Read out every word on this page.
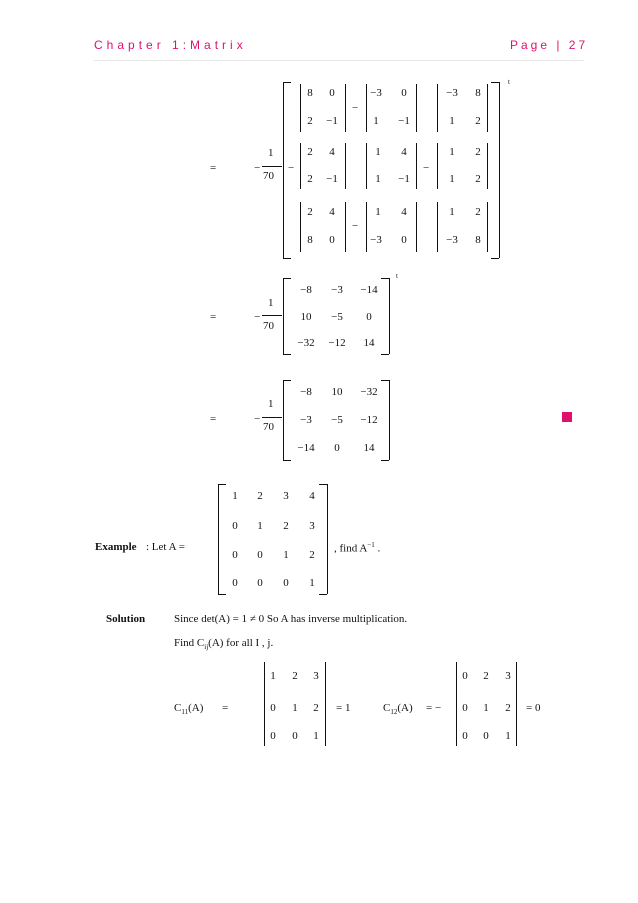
Chapter 1:Matrix	Page | 27
=	−
1
70
t
8	0
2	−1
−
−3	0
1	−1
−3	8
1	2
−
2	4
2	−1
1	4
1	−1
−
1	2
1	2
2	4
8	0
−
1	4
−3	0
1	2
−3	8
=	−
1
70
t
−8	−3	−14
10	−5	0
−32	−12	14
=	−
1
70
−8	10	−32
−3	−5	−12
−14	0	14
Example : Let A =
1	2	3	4
0	1	2	3
0	0	1	2
0	0	0	1
, find $A^{-1}$ .
Solution	Since det(A) = 1 ≠ 0 So A has inverse multiplication.
Find $C_{ij}(A)$ for all I , j.
$C_{11}(A)$ =
1	2	3
0	1	2
0	0	1
= 1	$C_{12}(A)$ = −
0	2	3
0	1	2
0	0	1
= 0
